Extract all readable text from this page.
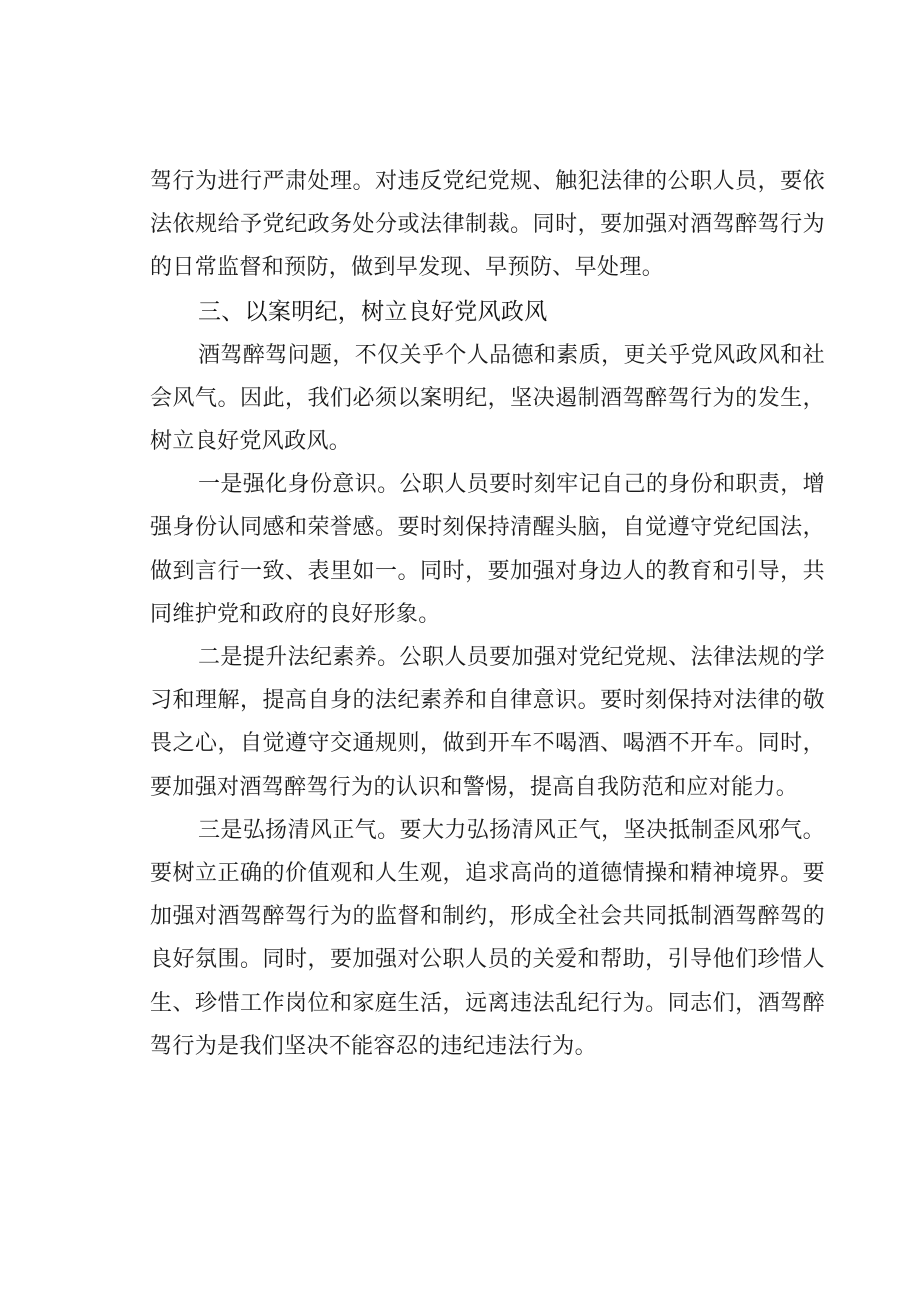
驾行为进行严肃处理。对违反党纪党规、触犯法律的公职人员，要依法依规给予党纪政务处分或法律制裁。同时，要加强对酒驾醉驾行为的日常监督和预防，做到早发现、早预防、早处理。

三、以案明纪，树立良好党风政风

酒驾醉驾问题，不仅关乎个人品德和素质，更关乎党风政风和社会风气。因此，我们必须以案明纪，坚决遏制酒驾醉驾行为的发生，树立良好党风政风。

一是强化身份意识。公职人员要时刻牢记自己的身份和职责，增强身份认同感和荣誉感。要时刻保持清醒头脑，自觉遵守党纪国法，做到言行一致、表里如一。同时，要加强对身边人的教育和引导，共同维护党和政府的良好形象。

二是提升法纪素养。公职人员要加强对党纪党规、法律法规的学习和理解，提高自身的法纪素养和自律意识。要时刻保持对法律的敬畏之心，自觉遵守交通规则，做到开车不喝酒、喝酒不开车。同时，要加强对酒驾醉驾行为的认识和警惕，提高自我防范和应对能力。

三是弘扬清风正气。要大力弘扬清风正气，坚决抵制歪风邪气。要树立正确的价值观和人生观，追求高尚的道德情操和精神境界。要加强对酒驾醉驾行为的监督和制约，形成全社会共同抵制酒驾醉驾的良好氛围。同时，要加强对公职人员的关爱和帮助，引导他们珍惜人生、珍惜工作岗位和家庭生活，远离违法乱纪行为。同志们，酒驾醉驾行为是我们坚决不能容忍的违纪违法行为。
